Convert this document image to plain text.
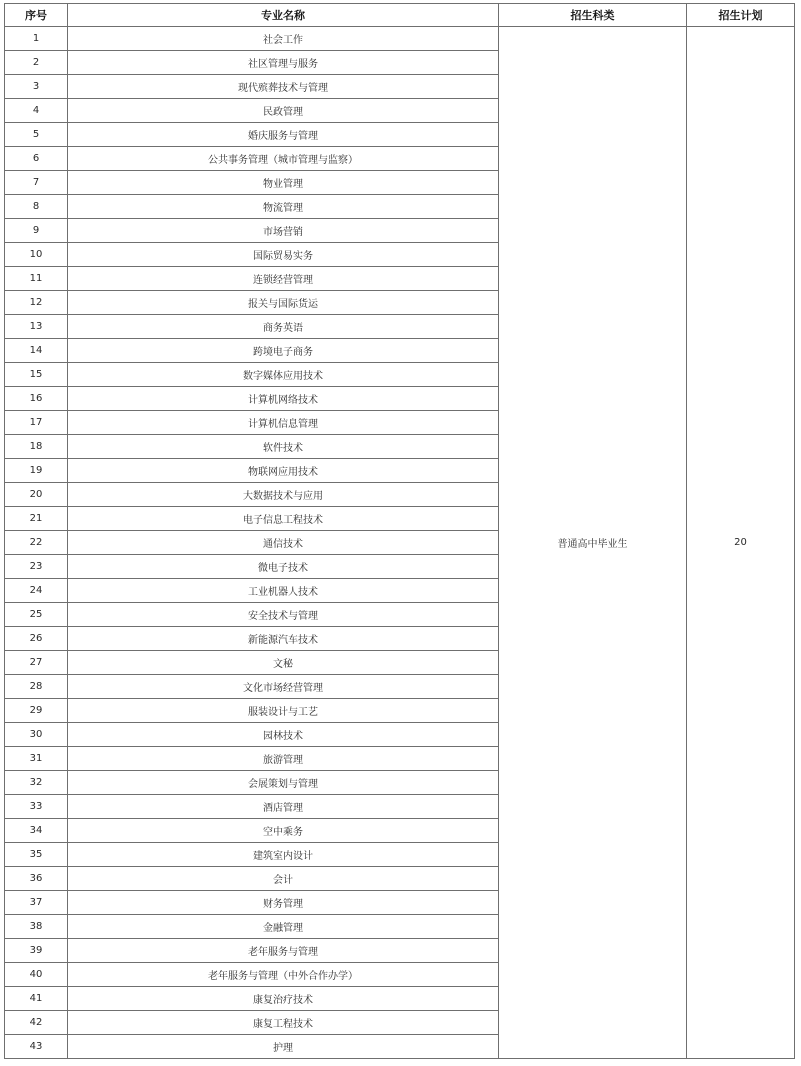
序号	专业名称	招生科类	招生计划
1	社会工作	普通高中毕业生	20
2	社区管理与服务		
3	现代殡葬技术与管理		
4	民政管理		
5	婚庆服务与管理		
6	公共事务管理（城市管理与监察）		
7	物业管理		
8	物流管理		
9	市场营销		
10	国际贸易实务		
11	连锁经营管理		
12	报关与国际货运		
13	商务英语		
14	跨境电子商务		
15	数字媒体应用技术		
16	计算机网络技术		
17	计算机信息管理		
18	软件技术		
19	物联网应用技术		
20	大数据技术与应用		
21	电子信息工程技术		
22	通信技术		
23	微电子技术		
24	工业机器人技术		
25	安全技术与管理		
26	新能源汽车技术		
27	文秘		
28	文化市场经营管理		
29	服装设计与工艺		
30	园林技术		
31	旅游管理		
32	会展策划与管理		
33	酒店管理		
34	空中乘务		
35	建筑室内设计		
36	会计		
37	财务管理		
38	金融管理		
39	老年服务与管理		
40	老年服务与管理（中外合作办学）		
41	康复治疗技术		
42	康复工程技术		
43	护理		
